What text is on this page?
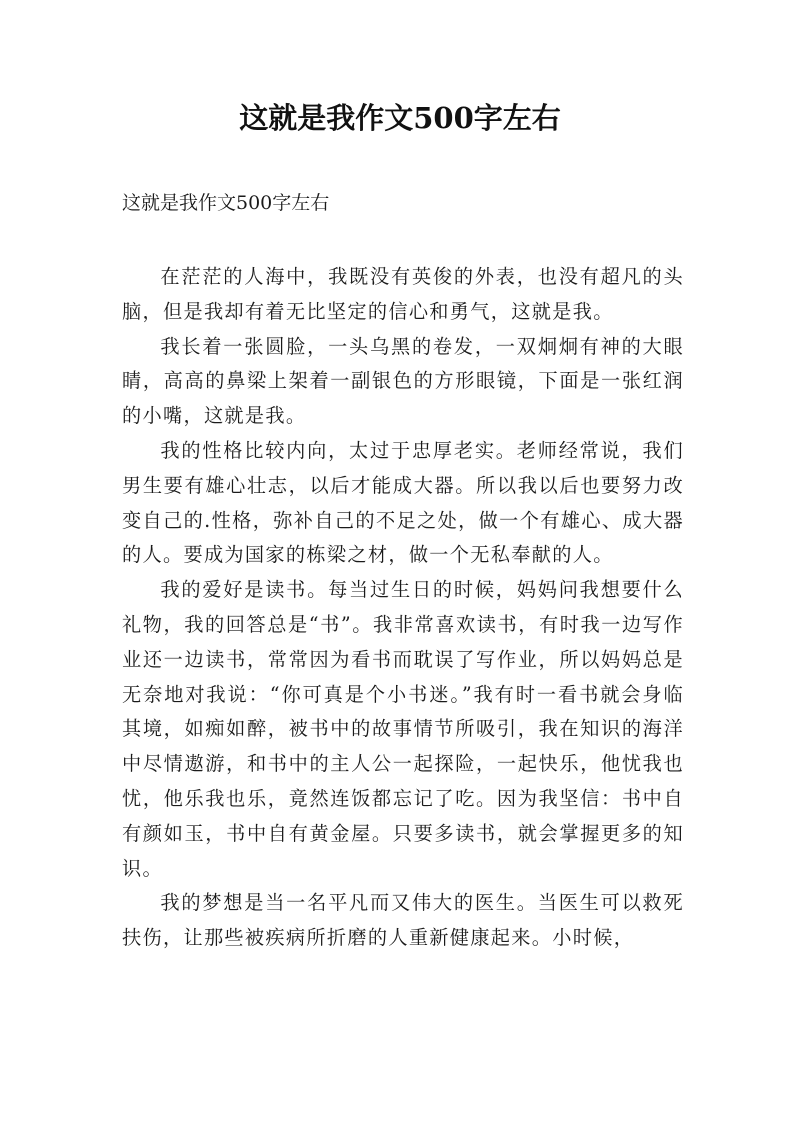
这就是我作文500字左右

这就是我作文500字左右

在茫茫的人海中，我既没有英俊的外表，也没有超凡的头脑，但是我却有着无比坚定的信心和勇气，这就是我。

我长着一张圆脸，一头乌黑的卷发，一双炯炯有神的大眼睛，高高的鼻梁上架着一副银色的方形眼镜，下面是一张红润的小嘴，这就是我。

我的性格比较内向，太过于忠厚老实。老师经常说，我们男生要有雄心壮志，以后才能成大器。所以我以后也要努力改变自己的.性格，弥补自己的不足之处，做一个有雄心、成大器的人。要成为国家的栋梁之材，做一个无私奉献的人。

我的爱好是读书。每当过生日的时候，妈妈问我想要什么礼物，我的回答总是“书”。我非常喜欢读书，有时我一边写作业还一边读书，常常因为看书而耽误了写作业，所以妈妈总是无奈地对我说：“你可真是个小书迷。”我有时一看书就会身临其境，如痴如醉，被书中的故事情节所吸引，我在知识的海洋中尽情遨游，和书中的主人公一起探险，一起快乐，他忧我也忧，他乐我也乐，竟然连饭都忘记了吃。因为我坚信：书中自有颜如玉，书中自有黄金屋。只要多读书，就会掌握更多的知识。

我的梦想是当一名平凡而又伟大的医生。当医生可以救死扶伤，让那些被疾病所折磨的人重新健康起来。小时候，
